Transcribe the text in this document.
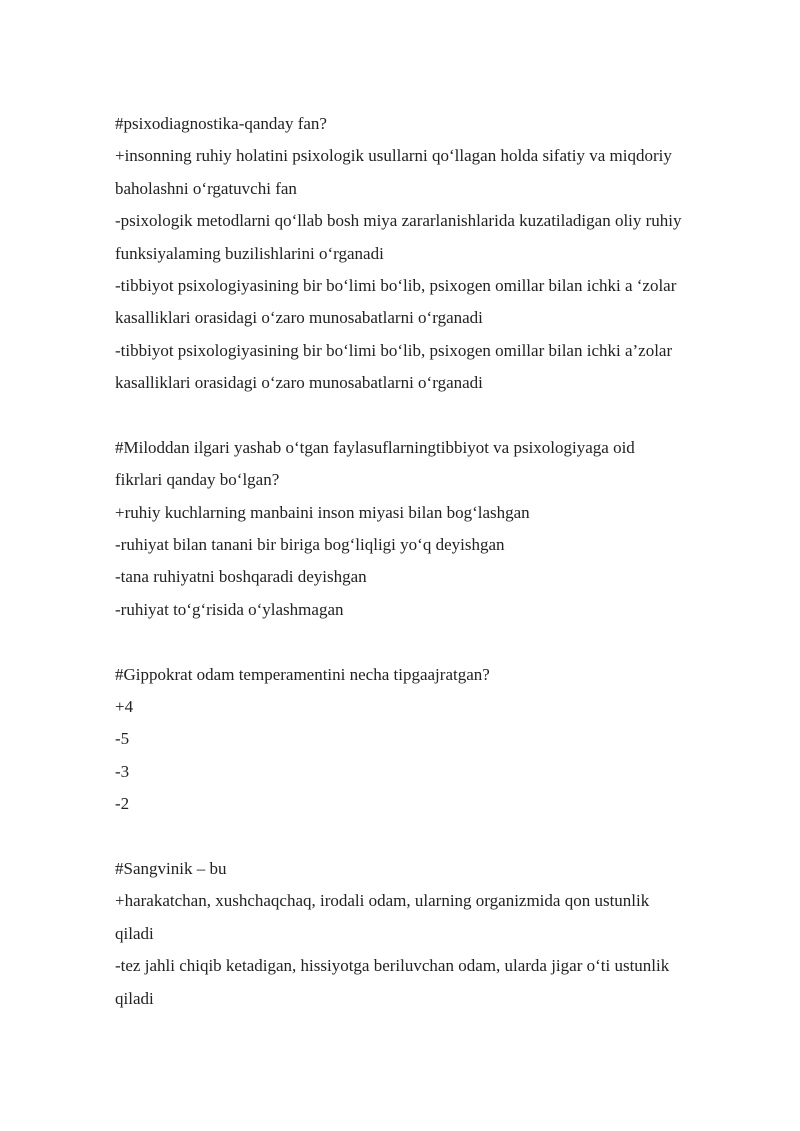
#psixodiagnostika-qanday fan?
+insonning ruhiy holatini psixologik usullarni qo‘llagan holda sifatiy va miqdoriy
baholashni o‘rgatuvchi fan
-psixologik metodlarni qo‘llab bosh miya zararlanishlarida kuzatiladigan oliy ruhiy
funksiyalaming buzilishlarini o‘rganadi
-tibbiyot psixologiyasining bir bo‘limi bo‘lib, psixogen omillar bilan ichki a ‘zolar
kasalliklari orasidagi o‘zaro munosabatlarni o‘rganadi
-tibbiyot psixologiyasining bir bo‘limi bo‘lib, psixogen omillar bilan ichki a’zolar
kasalliklari orasidagi o‘zaro munosabatlarni o‘rganadi
#Miloddan ilgari yashab o‘tgan faylasuflarningtibbiyot va psixologiyaga oid
fikrlari qanday bo‘lgan?
+ruhiy kuchlarning manbaini inson miyasi bilan bog‘lashgan
-ruhiyat bilan tanani bir biriga bog‘liqligi yo‘q deyishgan
-tana ruhiyatni boshqaradi deyishgan
-ruhiyat to‘g‘risida o‘ylashmagan
#Gippokrat odam temperamentini necha tipgaajratgan?
+4
-5
-3
-2
#Sangvinik – bu
+harakatchan, xushchaqchaq, irodali odam, ularning organizmida qon ustunlik
qiladi
-tez jahli chiqib ketadigan, hissiyotga beriluvchan odam, ularda jigar o‘ti ustunlik
qiladi
